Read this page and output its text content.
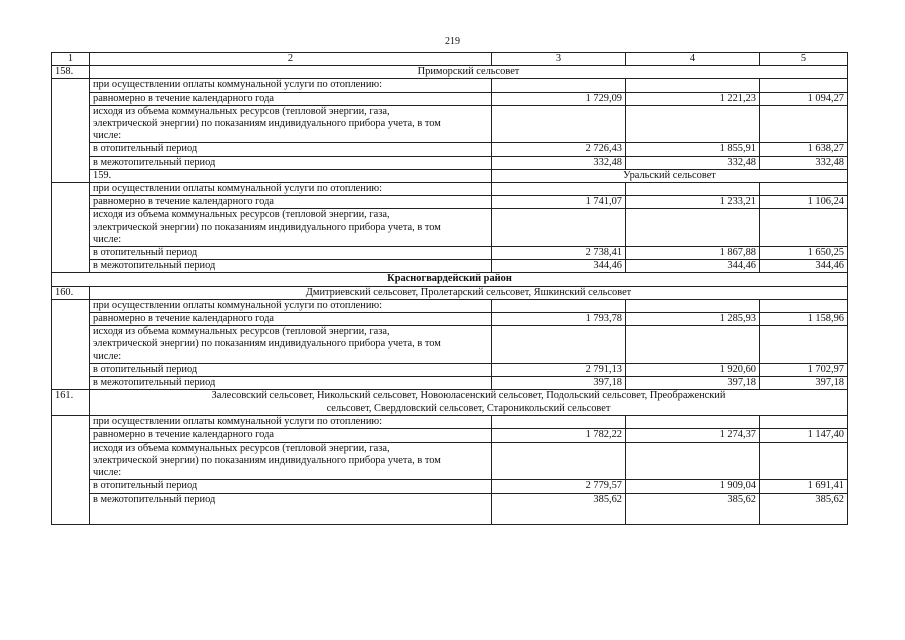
219
1	2	3	4	5
158.	Приморский сельсовет			
	при осуществлении оплаты коммунальной услуги по отоплению:			
	равномерно в течение календарного года	1 729,09	1 221,23	1 094,27

	исходя из объема коммунальных ресурсов (тепловой энергии, газа, электрической энергии) по показаниям индивидуального прибора учета, в том числе:			

	в отопительный период	2 726,43	1 855,91	1 638,27
	в межотопительный период	332,48	332,48	332,48
	159.	Уральский сельсовет		
	при осуществлении оплаты коммунальной услуги по отоплению:			
	равномерно в течение календарного года	1 741,07	1 233,21	1 106,24

	исходя из объема коммунальных ресурсов (тепловой энергии, газа, электрической энергии) по показаниям индивидуального прибора учета, в том числе:			

	в отопительный период	2 738,41	1 867,88	1 650,25
	в межотопительный период	344,46	344,46	344,46
Красногвардейский район				
160.	Дмитриевский сельсовет, Пролетарский сельсовет, Яшкинский сельсовет			
	при осуществлении оплаты коммунальной услуги по отоплению:			
	равномерно в течение календарного года	1 793,78	1 285,93	1 158,96

	исходя из объема коммунальных ресурсов (тепловой энергии, газа, электрической энергии) по показаниям индивидуального прибора учета, в том числе:			

	в отопительный период	2 791,13	1 920,60	1 702,97
	в межотопительный период	397,18	397,18	397,18
161.	Залесовский сельсовет, Никольский сельсовет, Новоюласенский сельсовет, Подольский сельсовет, Преображенский сельсовет, Свердловский сельсовет, Староникольский сельсовет			

	при осуществлении оплаты коммунальной услуги по отоплению:			
	равномерно в течение календарного года	1 782,22	1 274,37	1 147,40

	исходя из объема коммунальных ресурсов (тепловой энергии, газа, электрической энергии) по показаниям индивидуального прибора учета, в том числе:			

	в отопительный период	2 779,57	1 909,04	1 691,41
	в межотопительный период	385,62	385,62	385,62
